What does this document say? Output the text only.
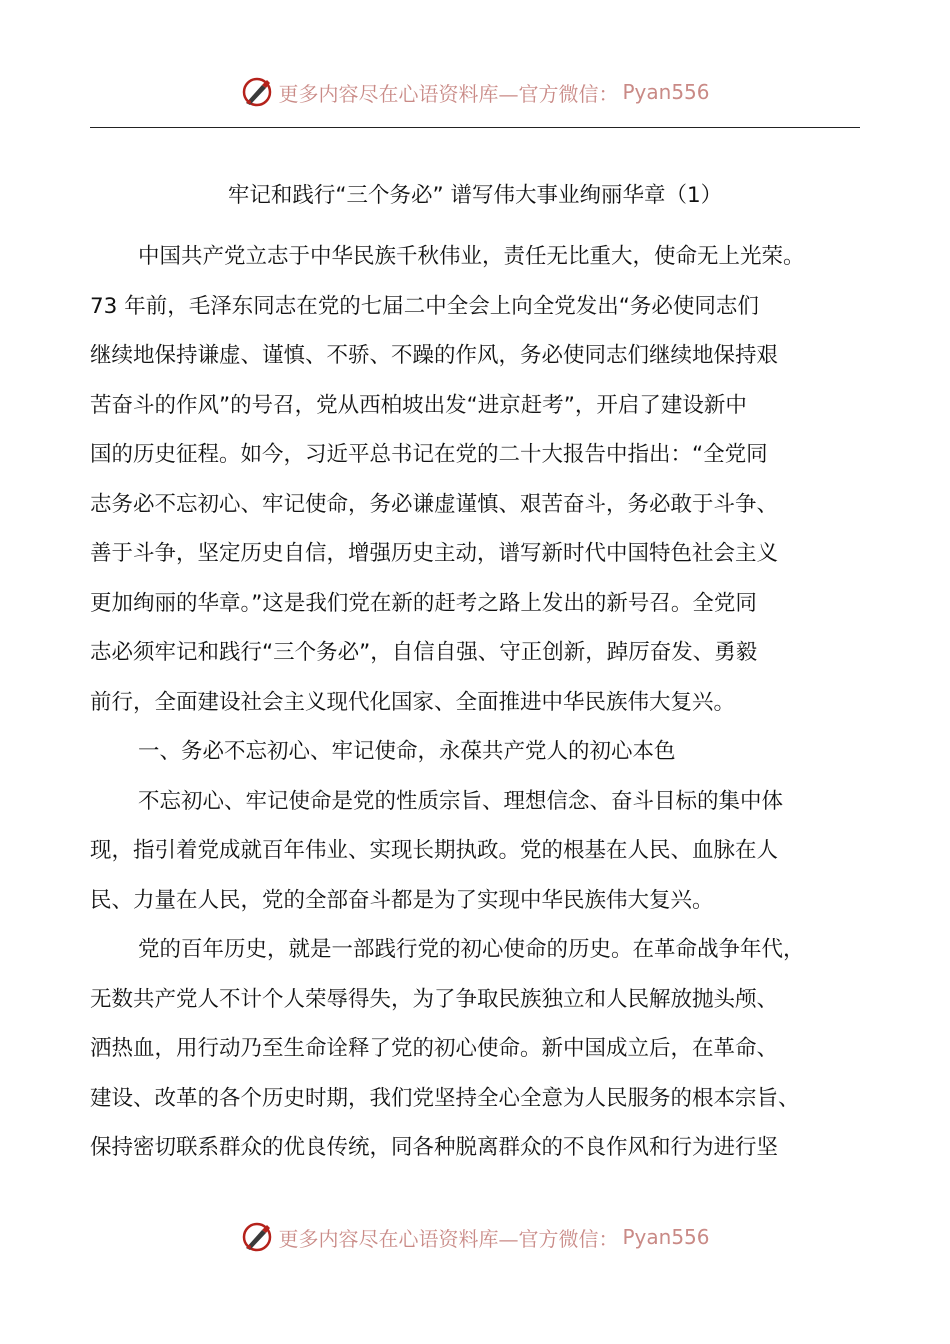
更多内容尽在心语资料库—官方微信： Pyan556
牢记和践行“三个务必” 谱写伟大事业绚丽华章（1）
中国共产党立志于中华民族千秋伟业，责任无比重大，使命无上光荣。
73 年前，毛泽东同志在党的七届二中全会上向全党发出“务必使同志们
继续地保持谦虚、谨慎、不骄、不躁的作风，务必使同志们继续地保持艰
苦奋斗的作风”的号召，党从西柏坡出发“进京赶考”，开启了建设新中
国的历史征程。如今，习近平总书记在党的二十大报告中指出：“全党同
志务必不忘初心、牢记使命，务必谦虚谨慎、艰苦奋斗，务必敢于斗争、
善于斗争，坚定历史自信，增强历史主动，谱写新时代中国特色社会主义
更加绚丽的华章。”这是我们党在新的赶考之路上发出的新号召。全党同
志必须牢记和践行“三个务必”，自信自强、守正创新，踔厉奋发、勇毅
前行，全面建设社会主义现代化国家、全面推进中华民族伟大复兴。
一、务必不忘初心、牢记使命，永葆共产党人的初心本色
不忘初心、牢记使命是党的性质宗旨、理想信念、奋斗目标的集中体
现，指引着党成就百年伟业、实现长期执政。党的根基在人民、血脉在人
民、力量在人民，党的全部奋斗都是为了实现中华民族伟大复兴。
党的百年历史，就是一部践行党的初心使命的历史。在革命战争年代，
无数共产党人不计个人荣辱得失，为了争取民族独立和人民解放抛头颅、
洒热血，用行动乃至生命诠释了党的初心使命。新中国成立后，在革命、
建设、改革的各个历史时期，我们党坚持全心全意为人民服务的根本宗旨、
保持密切联系群众的优良传统，同各种脱离群众的不良作风和行为进行坚
更多内容尽在心语资料库—官方微信： Pyan556
